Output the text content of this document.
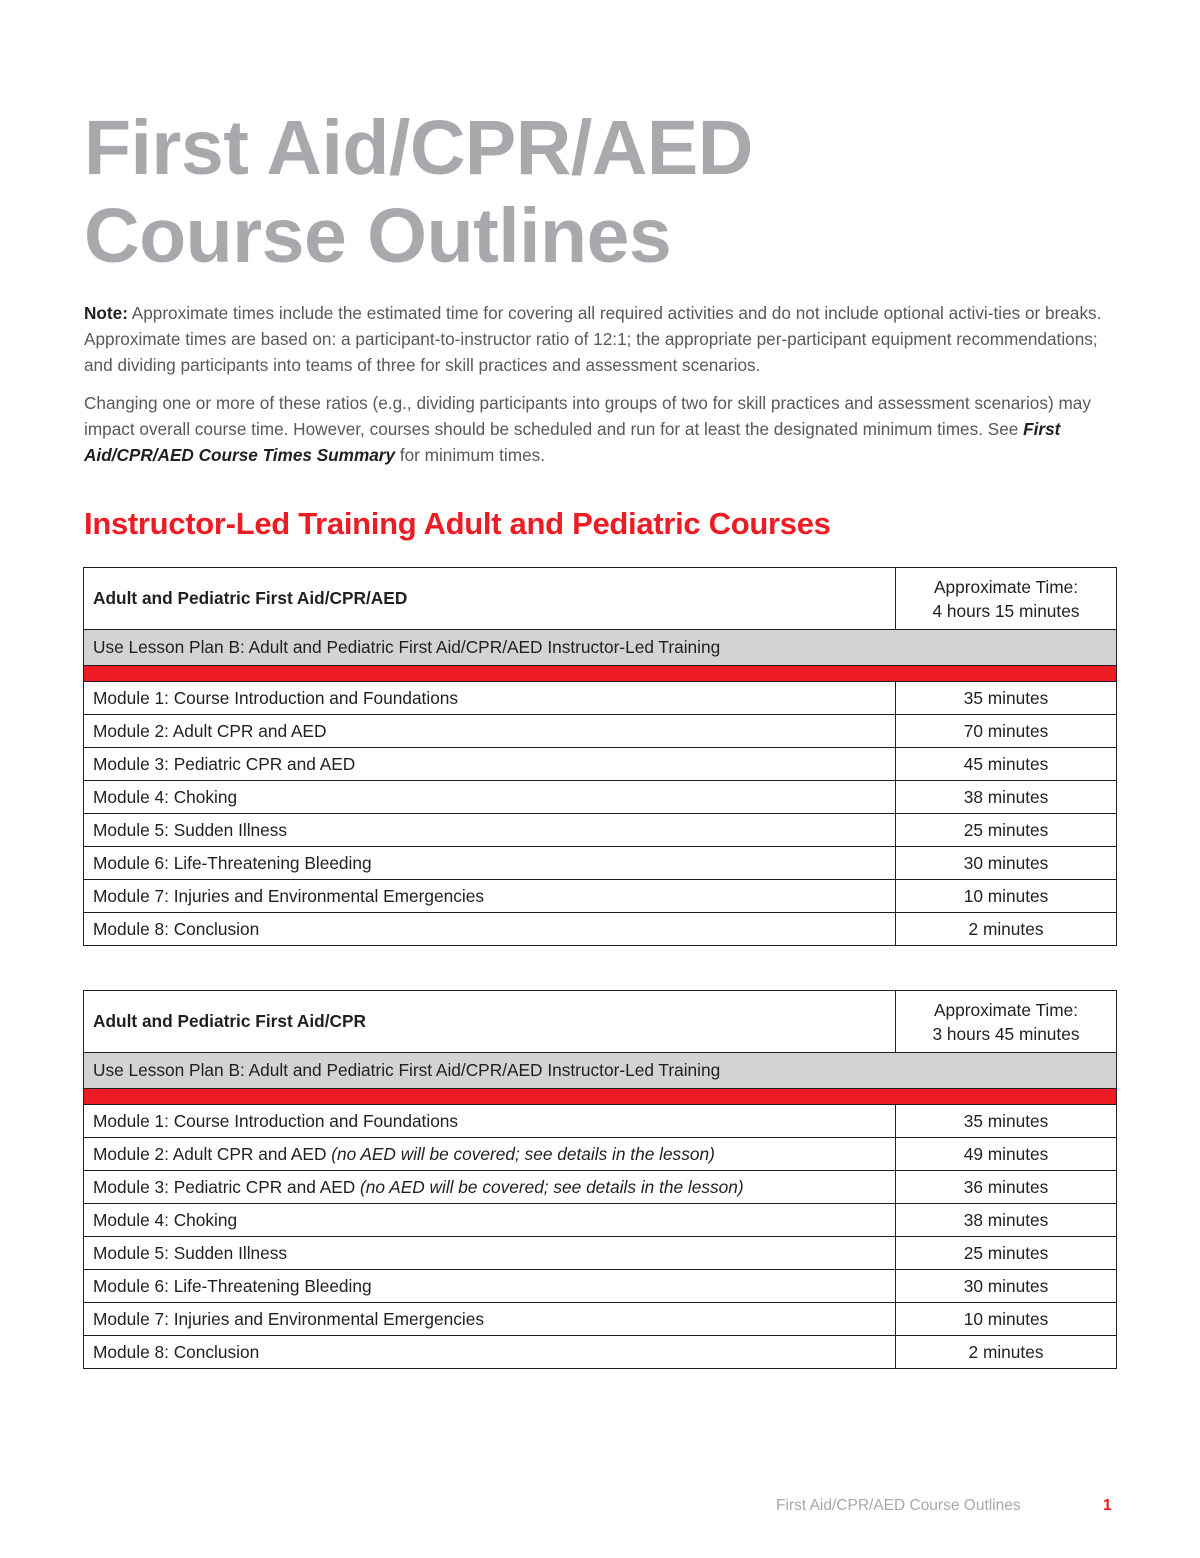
First Aid/CPR/AED
Course Outlines

Note: Approximate times include the estimated time for covering all required activities and do not include optional activi-ties or breaks. Approximate times are based on: a participant-to-instructor ratio of 12:1; the appropriate per-participant equipment recommendations; and dividing participants into teams of three for skill practices and assessment scenarios.

Changing one or more of these ratios (e.g., dividing participants into groups of two for skill practices and assessment scenarios) may impact overall course time. However, courses should be scheduled and run for at least the designated minimum times. See First Aid/CPR/AED Course Times Summary for minimum times.

Instructor-Led Training Adult and Pediatric Courses
Adult and Pediatric First Aid/CPR/AED	Approximate Time:
4 hours 15 minutes

Use Lesson Plan B: Adult and Pediatric First Aid/CPR/AED Instructor-Led Training	

Module 1: Course Introduction and Foundations	35 minutes
Module 2: Adult CPR and AED	70 minutes
Module 3: Pediatric CPR and AED	45 minutes
Module 4: Choking	38 minutes
Module 5: Sudden Illness	25 minutes
Module 6: Life-Threatening Bleeding	30 minutes
Module 7: Injuries and Environmental Emergencies	10 minutes
Module 8: Conclusion	2 minutes
Adult and Pediatric First Aid/CPR	Approximate Time:
3 hours 45 minutes

Use Lesson Plan B: Adult and Pediatric First Aid/CPR/AED Instructor-Led Training	

Module 1: Course Introduction and Foundations	35 minutes
Module 2: Adult CPR and AED (no AED will be covered; see details in the lesson)	49 minutes
Module 3: Pediatric CPR and AED (no AED will be covered; see details in the lesson)	36 minutes
Module 4: Choking	38 minutes
Module 5: Sudden Illness	25 minutes
Module 6: Life-Threatening Bleeding	30 minutes
Module 7: Injuries and Environmental Emergencies	10 minutes
Module 8: Conclusion	2 minutes
First Aid/CPR/AED Course Outlines	1
